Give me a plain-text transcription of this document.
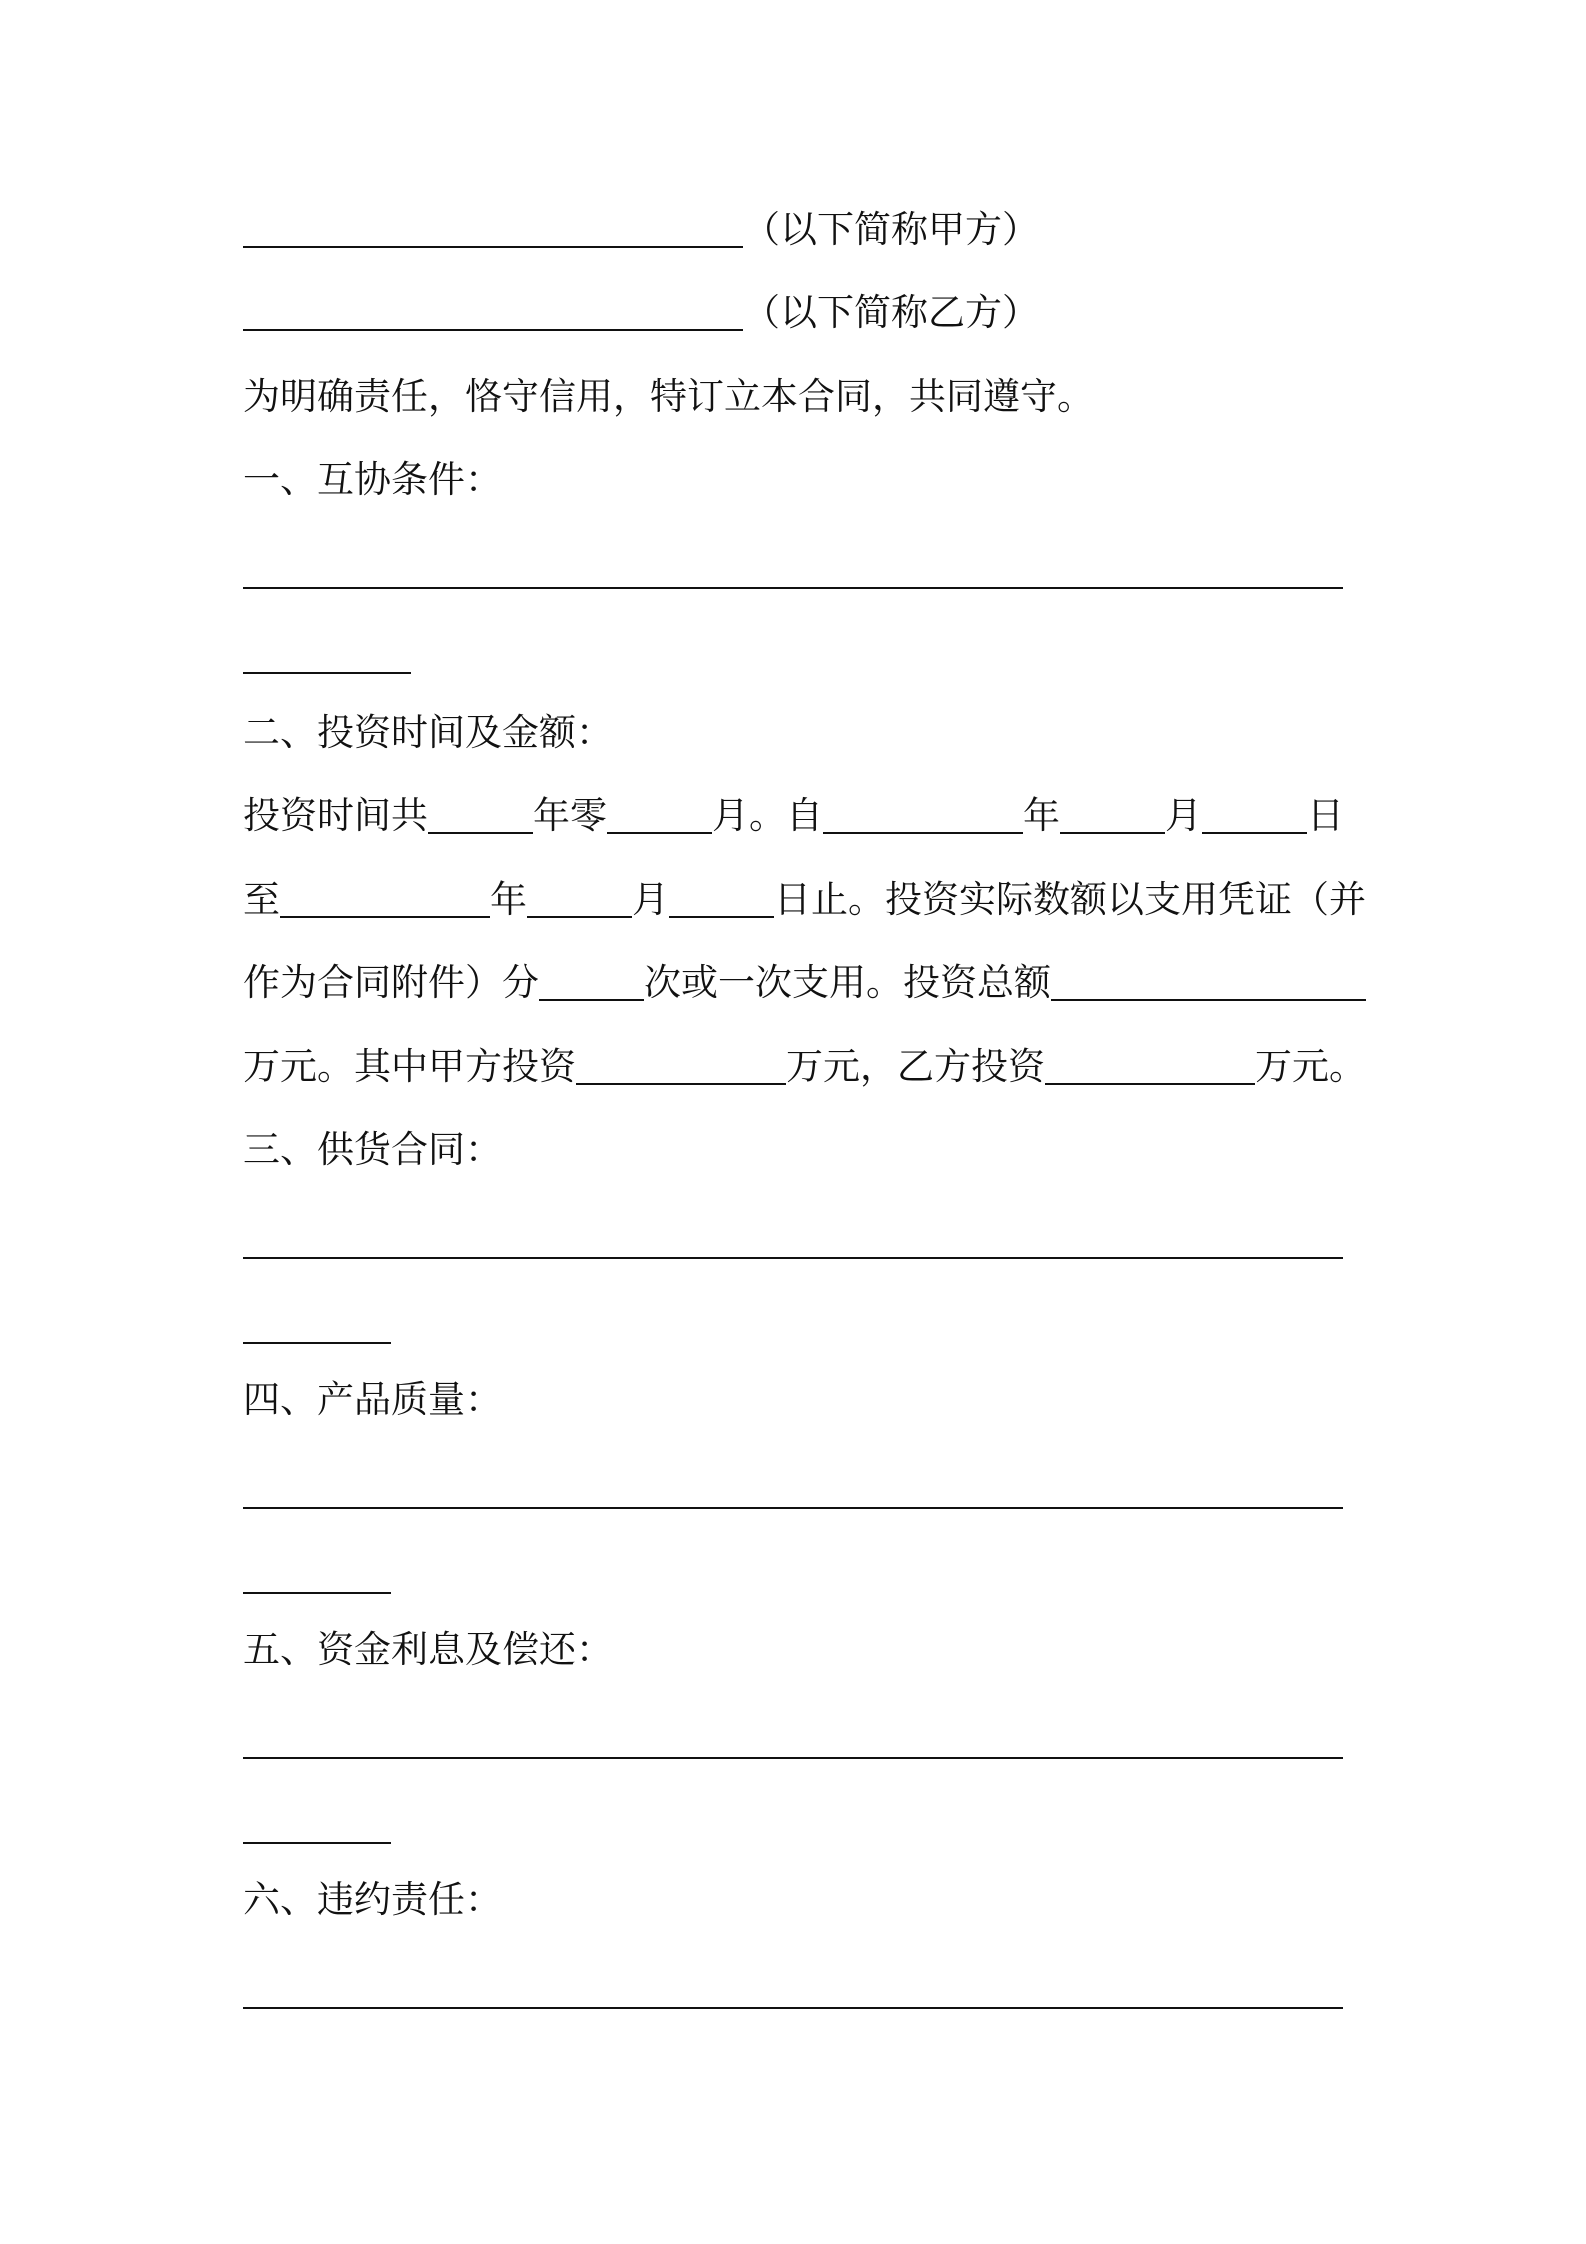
（以下简称甲方）
（以下简称乙方）
为明确责任，恪守信用，特订立本合同，共同遵守。
一、互协条件：
二、投资时间及金额：
投资时间共	年零	月。自	年	月	日
至	年	月	日止。投资实际数额以支用凭证（并
作为合同附件）分	次或一次支用。投资总额
万元。其中甲方投资	万元，乙方投资	万元。
三、供货合同：
四、产品质量：
五、资金利息及偿还：
六、违约责任：
